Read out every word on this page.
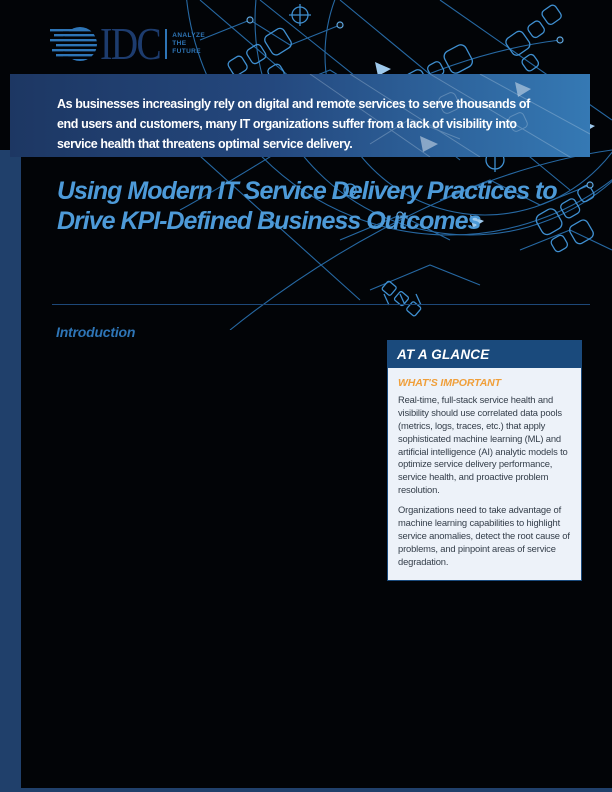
IDC ANALYZE
THE
FUTURE
As businesses increasingly rely on digital and remote services to serve thousands of
end users and customers, many IT organizations suffer from a lack of visibility into
service health that threatens optimal service delivery.
Using Modern IT Service Delivery Practices to
Drive KPI-Defined Business Outcomes
Introduction
AT A GLANCE
WHAT'S IMPORTANT

Real-time, full-stack service health and visibility should use correlated data pools (metrics, logs, traces, etc.) that apply sophisticated machine learning (ML) and artificial intelligence (AI) analytic models to optimize service delivery performance, service health, and proactive problem resolution.

Organizations need to take advantage of machine learning capabilities to highlight service anomalies, detect the root cause of problems, and pinpoint areas of service degradation.
